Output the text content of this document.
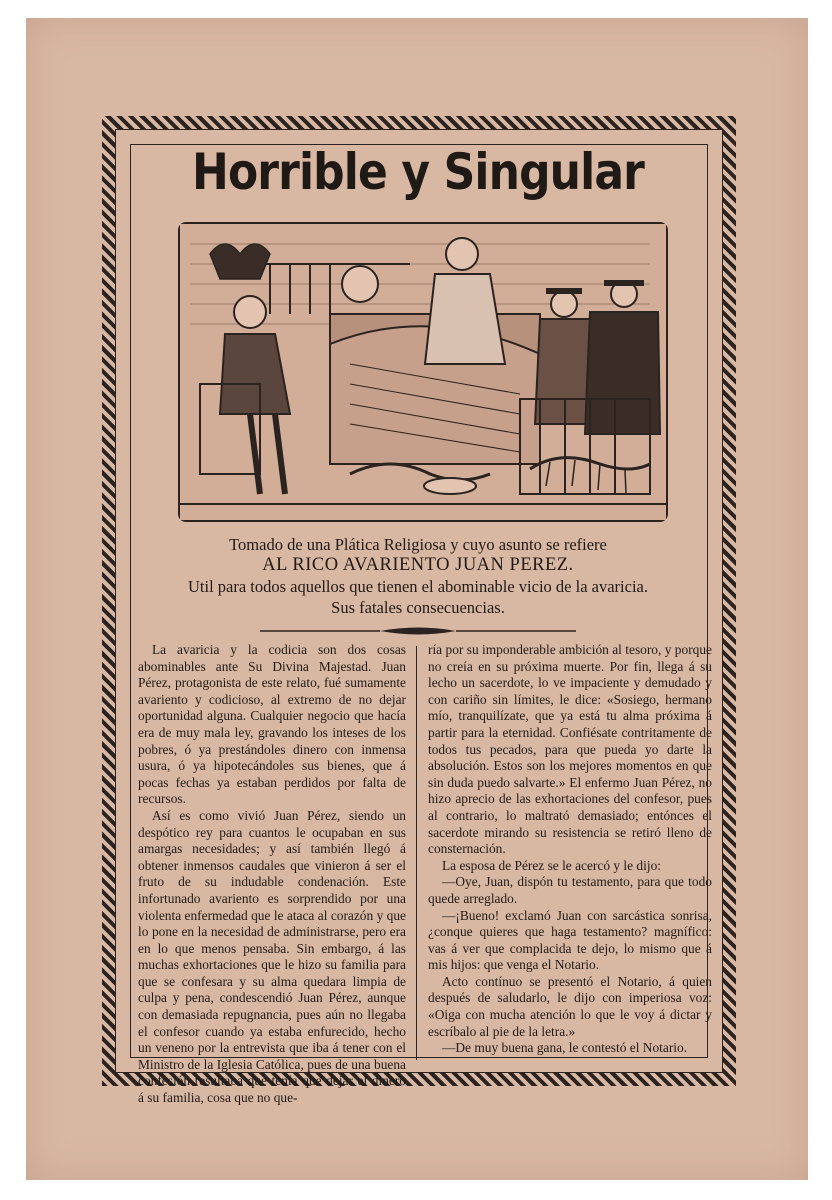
Horrible y Singular
Tomado de una Plática Religiosa y cuyo asunto se refiere
AL RICO AVARIENTO JUAN PEREZ.
Util para todos aquellos que tienen el abominable vicio de la avaricia.
Sus fatales consecuencias.

La avaricia y la codicia son dos cosas abominables ante Su Divina Majestad. Juan Pérez, protagonista de este relato, fué sumamente avariento y codicioso, al extremo de no dejar oportunidad alguna. Cualquier negocio que hacía era de muy mala ley, gravando los inteses de los pobres, ó ya prestándoles dinero con inmensa usura, ó ya hipotecándoles sus bienes, que á pocas fechas ya estaban perdidos por falta de recursos.

Así es como vivió Juan Pérez, siendo un despótico rey para cuantos le ocupaban en sus amargas necesidades; y así también llegó á obtener inmensos caudales que vinieron á ser el fruto de su indudable condenación. Este infortunado avariento es sorprendido por una violenta enfermedad que le ataca al corazón y que lo pone en la necesidad de administrarse, pero era en lo que menos pensaba. Sin embargo, á las muchas exhortaciones que le hizo su familia para que se confesara y su alma quedara limpia de culpa y pena, condescendió Juan Pérez, aunque con demasiada repugnancia, pues aún no llegaba el confesor cuando ya estaba enfurecido, hecho un veneno por la entrevista que iba á tener con el Ministro de la Iglesia Católica, pues de una buena confesión resultaba que tenía que dejar el dinero á su familia, cosa que no que-

ría por su imponderable ambición al tesoro, y porque no creía en su próxima muerte. Por fin, llega á su lecho un sacerdote, lo ve impaciente y demudado y con cariño sin límites, le dice: «Sosiego, hermano mío, tranquilízate, que ya está tu alma próxima á partir para la eternidad. Confiésate contritamente de todos tus pecados, para que pueda yo darte la absolución. Estos son los mejores momentos en que sin duda puedo salvarte.» El enfermo Juan Pérez, no hizo aprecio de las exhortaciones del confesor, pues al contrario, lo maltrató demasiado; entónces el sacerdote mirando su resistencia se retiró lleno de consternación.

La esposa de Pérez se le acercó y le dijo:

—Oye, Juan, dispón tu testamento, para que todo quede arreglado.

—¡Bueno! exclamó Juan con sarcástica sonrisa, ¿conque quieres que haga testamento? magnífico: vas á ver que complacida te dejo, lo mismo que á mis hijos: que venga el Notario.

Acto contínuo se presentó el Notario, á quien después de saludarlo, le dijo con imperiosa voz: «Oiga con mucha atención lo que le voy á dictar y escríbalo al pie de la letra.»

—De muy buena gana, le contestó el Notario.
